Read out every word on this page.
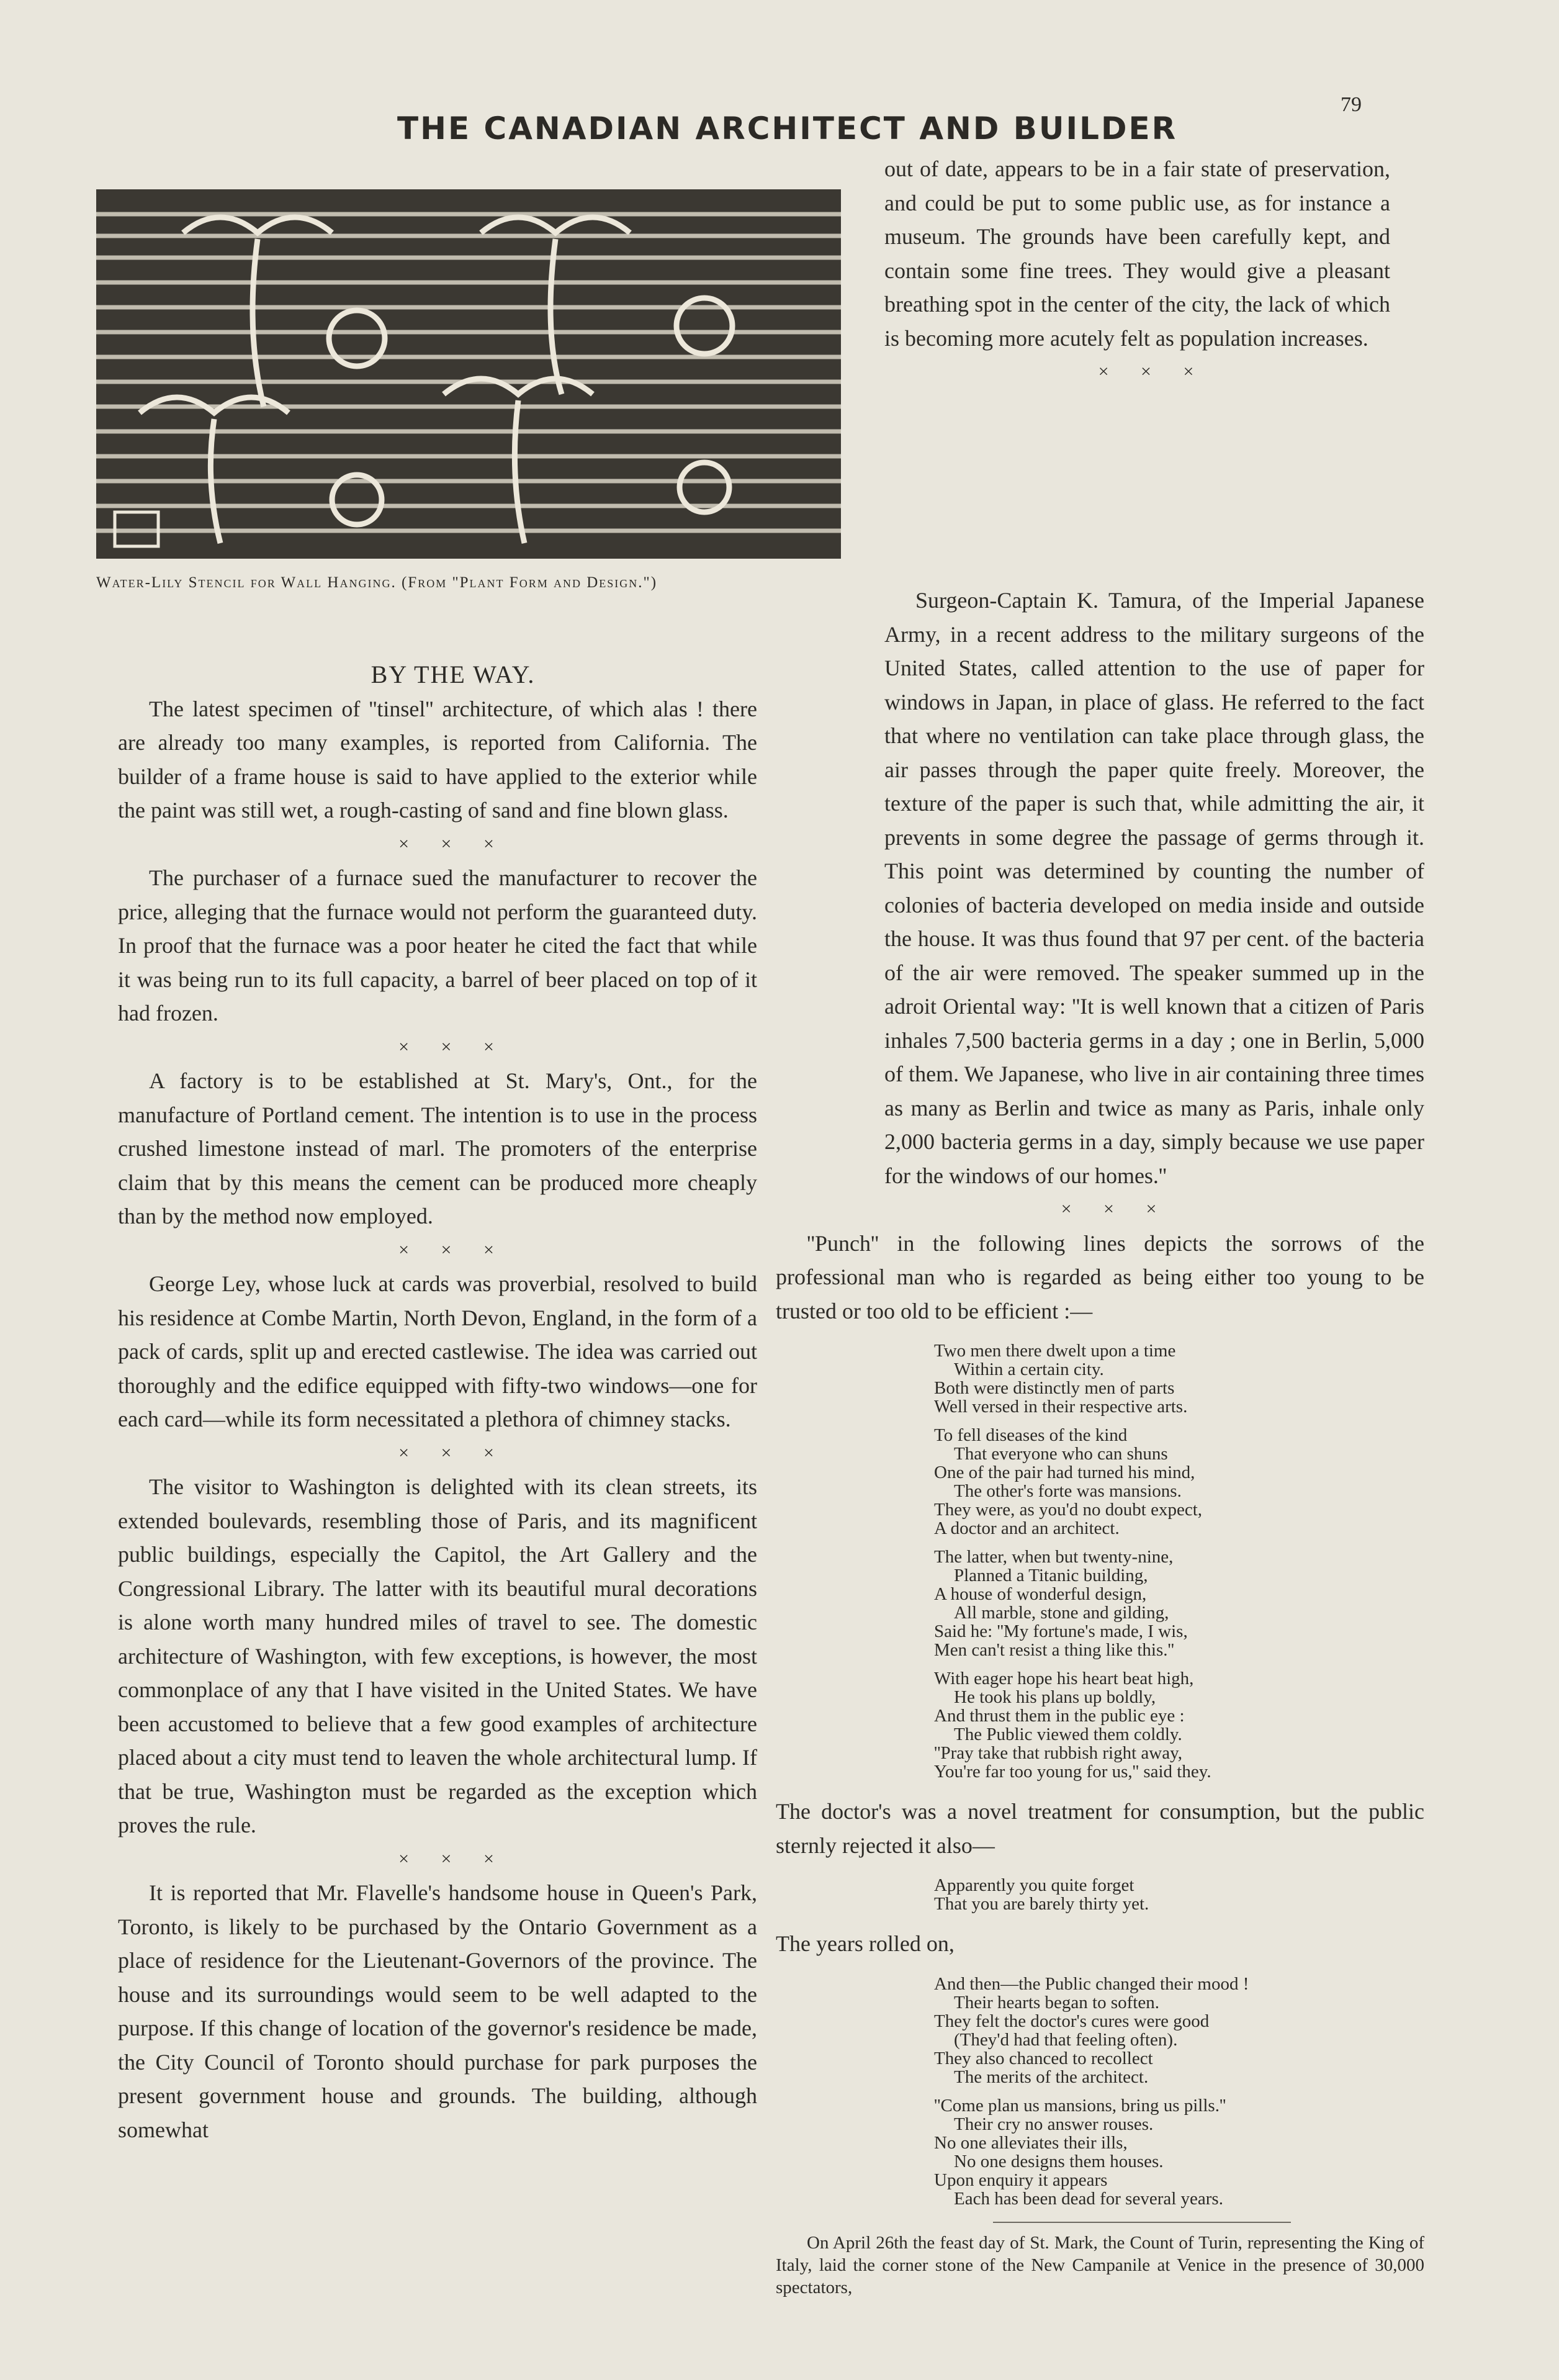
79
THE CANADIAN ARCHITECT AND BUILDER
Water-Lily Stencil for Wall Hanging. (From "Plant Form and Design.")

out of date, appears to be in a fair state of preservation, and could be put to some public use, as for instance a museum. The grounds have been carefully kept, and contain some fine trees. They would give a pleasant breathing spot in the center of the city, the lack of which is becoming more acutely felt as population increases.

× × ×

BY THE WAY.

The latest specimen of ''tinsel'' architecture, of which alas ! there are already too many examples, is reported from California. The builder of a frame house is said to have applied to the exterior while the paint was still wet, a rough-casting of sand and fine blown glass.

× × ×

The purchaser of a furnace sued the manufacturer to recover the price, alleging that the furnace would not perform the guaranteed duty. In proof that the furnace was a poor heater he cited the fact that while it was being run to its full capacity, a barrel of beer placed on top of it had frozen.

× × ×

A factory is to be established at St. Mary's, Ont., for the manufacture of Portland cement. The intention is to use in the process crushed limestone instead of marl. The promoters of the enterprise claim that by this means the cement can be produced more cheaply than by the method now employed.

× × ×

George Ley, whose luck at cards was proverbial, resolved to build his residence at Combe Martin, North Devon, England, in the form of a pack of cards, split up and erected castlewise. The idea was carried out thoroughly and the edifice equipped with fifty-two windows—one for each card—while its form necessitated a plethora of chimney stacks.

× × ×

The visitor to Washington is delighted with its clean streets, its extended boulevards, resembling those of Paris, and its magnificent public buildings, especially the Capitol, the Art Gallery and the Congressional Library. The latter with its beautiful mural decorations is alone worth many hundred miles of travel to see. The domestic architecture of Washington, with few exceptions, is however, the most commonplace of any that I have visited in the United States. We have been accustomed to believe that a few good examples of architecture placed about a city must tend to leaven the whole architectural lump. If that be true, Washington must be regarded as the exception which proves the rule.

× × ×

It is reported that Mr. Flavelle's handsome house in Queen's Park, Toronto, is likely to be purchased by the Ontario Government as a place of residence for the Lieutenant-Governors of the province. The house and its surroundings would seem to be well adapted to the purpose. If this change of location of the governor's residence be made, the City Council of Toronto should purchase for park purposes the present government house and grounds. The building, although somewhat

Surgeon-Captain K. Tamura, of the Imperial Japanese Army, in a recent address to the military surgeons of the United States, called attention to the use of paper for windows in Japan, in place of glass. He referred to the fact that where no ventilation can take place through glass, the air passes through the paper quite freely. Moreover, the texture of the paper is such that, while admitting the air, it prevents in some degree the passage of germs through it. This point was determined by counting the number of colonies of bacteria developed on media inside and outside the house. It was thus found that 97 per cent. of the bacteria of the air were removed. The speaker summed up in the adroit Oriental way: ''It is well known that a citizen of Paris inhales 7,500 bacteria germs in a day ; one in Berlin, 5,000 of them. We Japanese, who live in air containing three times as many as Berlin and twice as many as Paris, inhale only 2,000 bacteria germs in a day, simply because we use paper for the windows of our homes.''

× × ×

''Punch'' in the following lines depicts the sorrows of the professional man who is regarded as being either too young to be trusted or too old to be efficient :—

Two men there dwelt upon a time
Within a certain city.
Both were distinctly men of parts
Well versed in their respective arts.
To fell diseases of the kind
That everyone who can shuns
One of the pair had turned his mind,
The other's forte was mansions.
They were, as you'd no doubt expect,
A doctor and an architect.
The latter, when but twenty-nine,
Planned a Titanic building,
A house of wonderful design,
All marble, stone and gilding,
Said he: ''My fortune's made, I wis,
Men can't resist a thing like this.''
With eager hope his heart beat high,
He took his plans up boldly,
And thrust them in the public eye :
The Public viewed them coldly.
''Pray take that rubbish right away,
You're far too young for us,'' said they.

The doctor's was a novel treatment for consumption, but the public sternly rejected it also—

Apparently you quite forget
That you are barely thirty yet.

The years rolled on,

And then—the Public changed their mood !
Their hearts began to soften.
They felt the doctor's cures were good
(They'd had that feeling often).
They also chanced to recollect
The merits of the architect.
''Come plan us mansions, bring us pills.''
Their cry no answer rouses.
No one alleviates their ills,
No one designs them houses.
Upon enquiry it appears
Each has been dead for several years.

On April 26th the feast day of St. Mark, the Count of Turin, representing the King of Italy, laid the corner stone of the New Campanile at Venice in the presence of 30,000 spectators,
